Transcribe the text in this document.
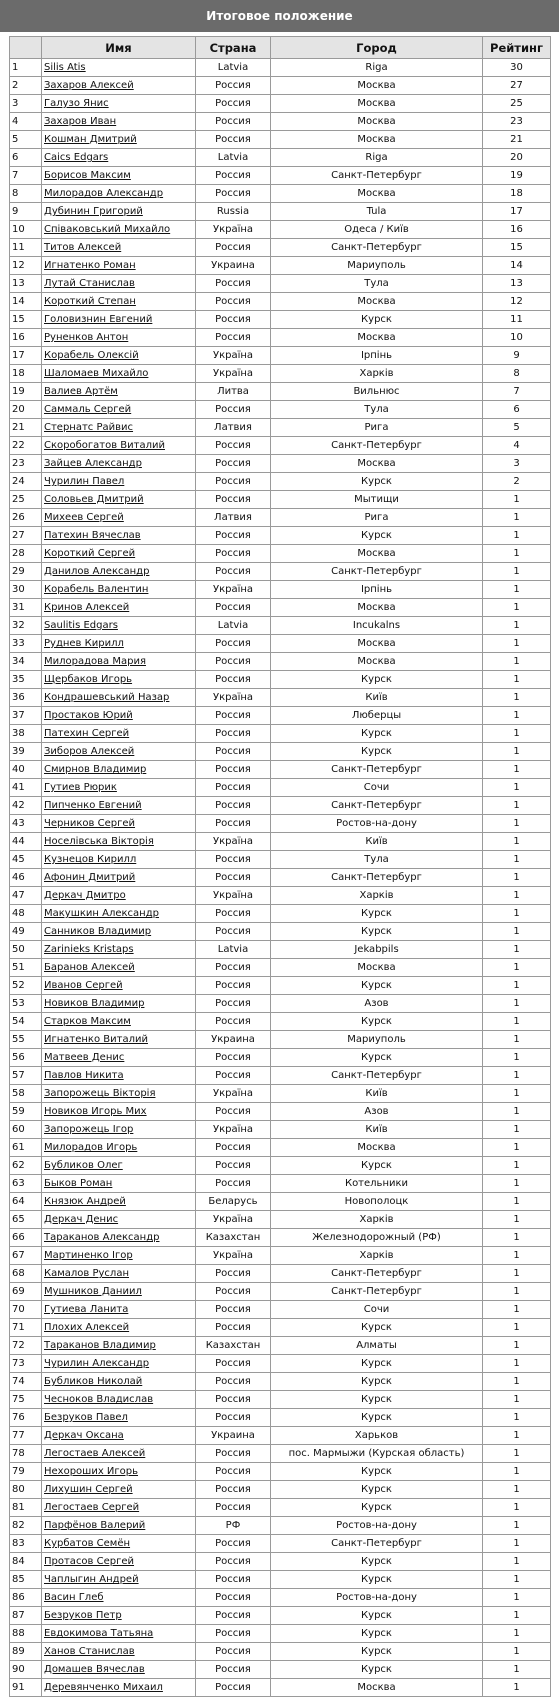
Итоговое положение
	Имя	Страна	Город	Рейтинг
1	Silis Atis	Latvia	Riga	30
2	Захаров Алексей	Россия	Москва	27
3	Галузо Янис	Россия	Москва	25
4	Захаров Иван	Россия	Москва	23
5	Кошман Дмитрий	Россия	Москва	21
6	Caics Edgars	Latvia	Riga	20
7	Борисов Максим	Россия	Санкт-Петербург	19
8	Милорадов Александр	Россия	Москва	18
9	Дубинин Григорий	Russia	Tula	17
10	Співаковський Михайло	Україна	Одеса / Київ	16
11	Титов Алексей	Россия	Санкт-Петербург	15
12	Игнатенко Роман	Украина	Мариуполь	14
13	Лутай Станислав	Россия	Тула	13
14	Короткий Степан	Россия	Москва	12
15	Головизнин Евгений	Россия	Курск	11
16	Руненков Антон	Россия	Москва	10
17	Корабель Олексій	Україна	Ірпінь	9
18	Шаломаев Михайло	Україна	Харків	8
19	Валиев Артём	Литва	Вильнюс	7
20	Саммаль Сергей	Россия	Тула	6
21	Стернатс Райвис	Латвия	Рига	5
22	Скоробогатов Виталий	Россия	Санкт-Петербург	4
23	Зайцев Александр	Россия	Москва	3
24	Чурилин Павел	Россия	Курск	2
25	Соловьев Дмитрий	Россия	Мытищи	1
26	Михеев Сергей	Латвия	Рига	1
27	Патехин Вячеслав	Россия	Курск	1
28	Короткий Сергей	Россия	Москва	1
29	Данилов Александр	Россия	Санкт-Петербург	1
30	Корабель Валентин	Україна	Ірпінь	1
31	Кринов Алексей	Россия	Москва	1
32	Saulitis Edgars	Latvia	Incukalns	1
33	Руднев Кирилл	Россия	Москва	1
34	Милорадова Мария	Россия	Москва	1
35	Щербаков Игорь	Россия	Курск	1
36	Кондрашевський Назар	Україна	Київ	1
37	Простаков Юрий	Россия	Люберцы	1
38	Патехин Сергей	Россия	Курск	1
39	Зиборов Алексей	Россия	Курск	1
40	Смирнов Владимир	Россия	Санкт-Петербург	1
41	Гутиев Рюрик	Россия	Сочи	1
42	Пипченко Евгений	Россия	Санкт-Петербург	1
43	Черников Сергей	Россия	Ростов-на-дону	1
44	Носелівська Вікторія	Україна	Київ	1
45	Кузнецов Кирилл	Россия	Тула	1
46	Афонин Дмитрий	Россия	Санкт-Петербург	1
47	Деркач Дмитро	Україна	Харків	1
48	Макушкин Александр	Россия	Курск	1
49	Санников Владимир	Россия	Курск	1
50	Zarinieks Kristaps	Latvia	Jekabpils	1
51	Баранов Алексей	Россия	Москва	1
52	Иванов Сергей	Россия	Курск	1
53	Новиков Владимир	Россия	Азов	1
54	Старков Максим	Россия	Курск	1
55	Игнатенко Виталий	Украина	Мариуполь	1
56	Матвеев Денис	Россия	Курск	1
57	Павлов Никита	Россия	Санкт-Петербург	1
58	Запорожець Вікторія	Україна	Київ	1
59	Новиков Игорь Мих	Россия	Азов	1
60	Запорожець Ігор	Україна	Київ	1
61	Милорадов Игорь	Россия	Москва	1
62	Бубликов Олег	Россия	Курск	1
63	Быков Роман	Россия	Котельники	1
64	Князюк Андрей	Беларусь	Новополоцк	1
65	Деркач Денис	Україна	Харків	1
66	Тараканов Александр	Казахстан	Железнодорожный (РФ)	1
67	Мартиненко Ігор	Україна	Харків	1
68	Камалов Руслан	Россия	Санкт-Петербург	1
69	Мушников Даниил	Россия	Санкт-Петербург	1
70	Гутиева Ланита	Россия	Сочи	1
71	Плохих Алексей	Россия	Курск	1
72	Тараканов Владимир	Казахстан	Алматы	1
73	Чурилин Александр	Россия	Курск	1
74	Бубликов Николай	Россия	Курск	1
75	Чесноков Владислав	Россия	Курск	1
76	Безруков Павел	Россия	Курск	1
77	Деркач Оксана	Украина	Харьков	1
78	Легостаев Алексей	Россия	пос. Мармыжи (Курская область)	1
79	Нехороших Игорь	Россия	Курск	1
80	Лихушин Сергей	Россия	Курск	1
81	Легостаев Сергей	Россия	Курск	1
82	Парфёнов Валерий	РФ	Ростов-на-дону	1
83	Курбатов Семён	Россия	Санкт-Петербург	1
84	Протасов Сергей	Россия	Курск	1
85	Чаплыгин Андрей	Россия	Курск	1
86	Васин Глеб	Россия	Ростов-на-дону	1
87	Безруков Петр	Россия	Курск	1
88	Евдокимова Татьяна	Россия	Курск	1
89	Ханов Станислав	Россия	Курск	1
90	Домашев Вячеслав	Россия	Курск	1
91	Деревянченко Михаил	Россия	Москва	1
